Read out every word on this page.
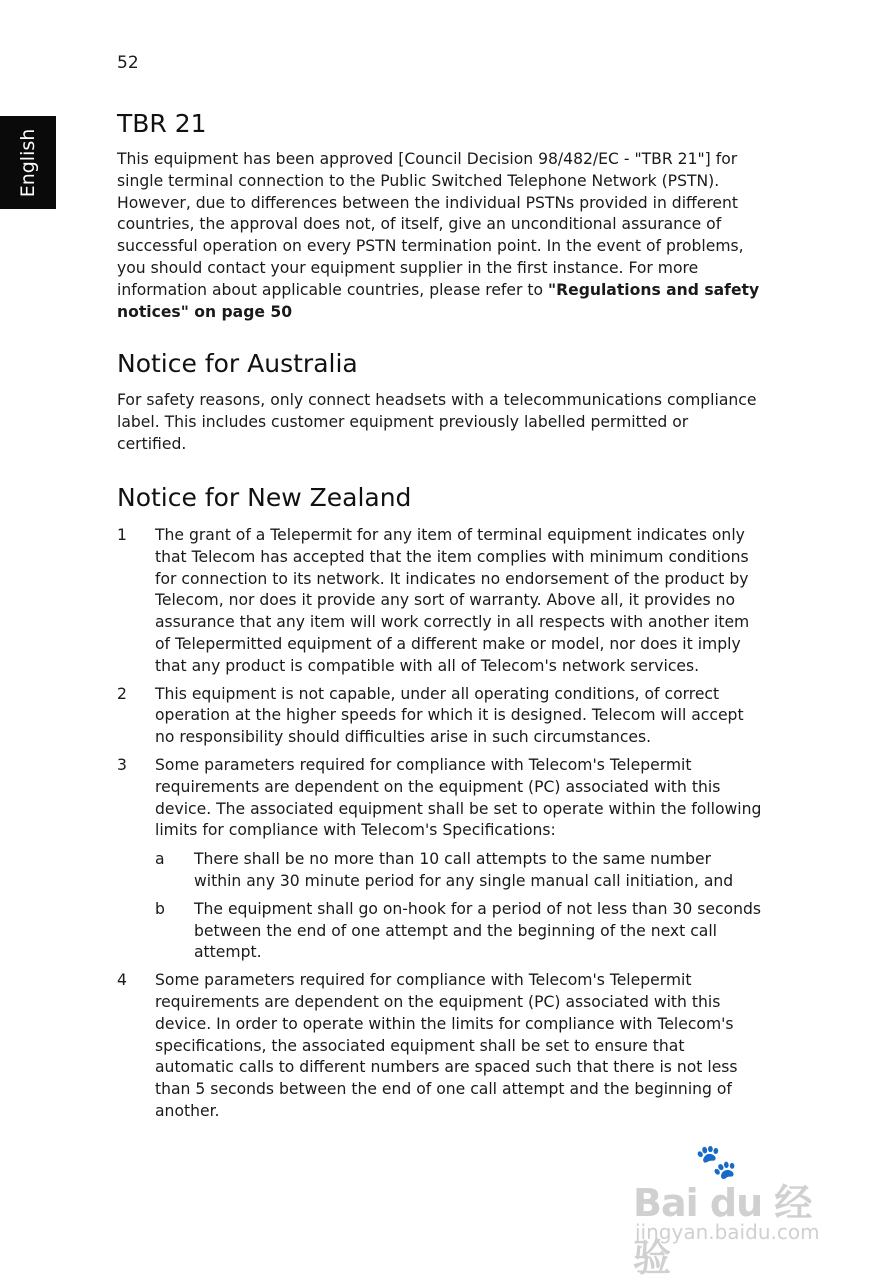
52
English
TBR 21

This equipment has been approved [Council Decision 98/482/EC - "TBR 21"] for single terminal connection to the Public Switched Telephone Network (PSTN). However, due to differences between the individual PSTNs provided in different countries, the approval does not, of itself, give an unconditional assurance of successful operation on every PSTN termination point. In the event of problems, you should contact your equipment supplier in the first instance. For more information about applicable countries, please refer to "Regulations and safety notices" on page 50

Notice for Australia

For safety reasons, only connect headsets with a telecommunications compliance label. This includes customer equipment previously labelled permitted or certified.

Notice for New Zealand
1 The grant of a Telepermit for any item of terminal equipment indicates only that Telecom has accepted that the item complies with minimum conditions for connection to its network. It indicates no endorsement of the product by Telecom, nor does it provide any sort of warranty. Above all, it provides no assurance that any item will work correctly in all respects with another item of Telepermitted equipment of a different make or model, nor does it imply that any product is compatible with all of Telecom's network services.
2 This equipment is not capable, under all operating conditions, of correct operation at the higher speeds for which it is designed. Telecom will accept no responsibility should difficulties arise in such circumstances.
3 Some parameters required for compliance with Telecom's Telepermit requirements are dependent on the equipment (PC) associated with this device. The associated equipment shall be set to operate within the following limits for compliance with Telecom's Specifications:
a There shall be no more than 10 call attempts to the same number within any 30 minute period for any single manual call initiation, and
b The equipment shall go on-hook for a period of not less than 30 seconds between the end of one attempt and the beginning of the next call attempt.
4 Some parameters required for compliance with Telecom's Telepermit requirements are dependent on the equipment (PC) associated with this device. In order to operate within the limits for compliance with Telecom's specifications, the associated equipment shall be set to ensure that automatic calls to different numbers are spaced such that there is not less than 5 seconds between the end of one call attempt and the beginning of another.
🐾
Bai du 经验
jingyan.baidu.com
